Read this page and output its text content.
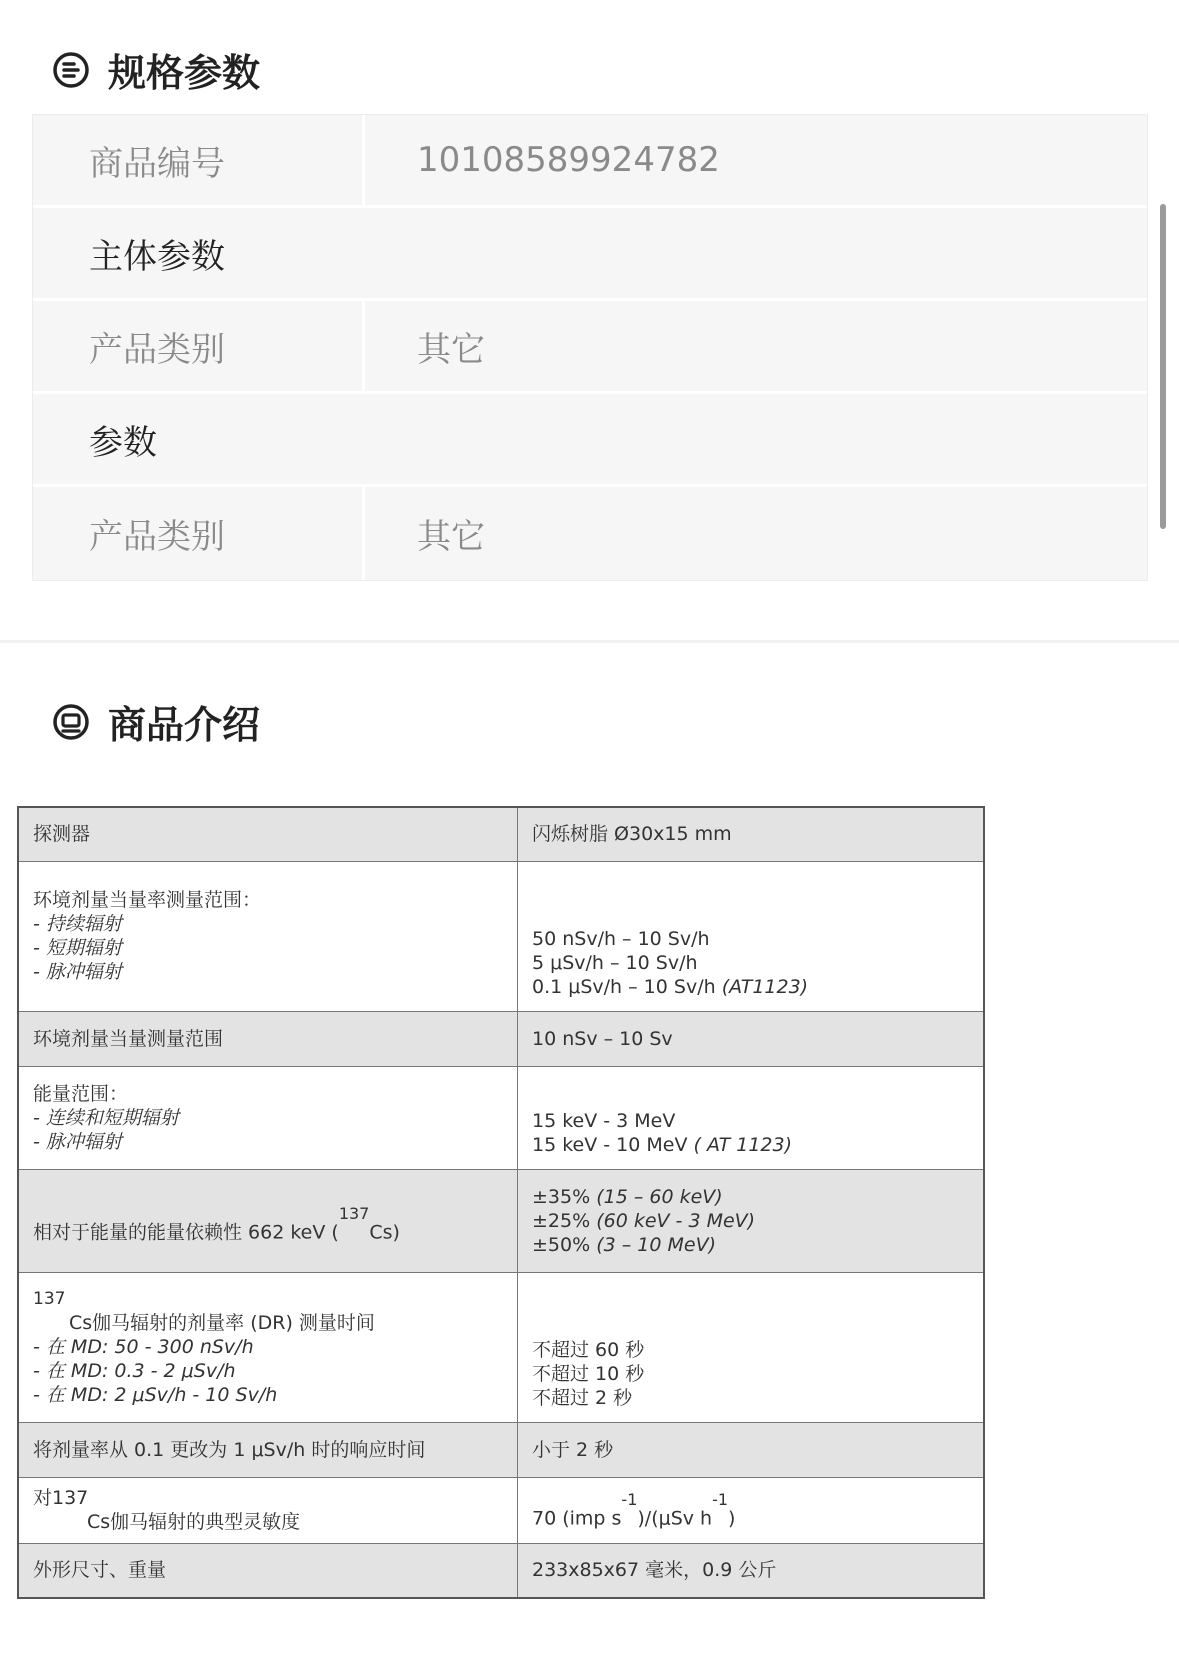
规格参数
商品编号	10108589924782
主体参数
产品类别	其它
参数
产品类别	其它
商品介绍
探测器	闪烁树脂 Ø30x15 mm

环境剂量当量率测量范围：
- 持续辐射
- 短期辐射
- 脉冲辐射	50 nSv/h – 10 Sv/h
5 μSv/h – 10 Sv/h
0.1 μSv/h – 10 Sv/h (AT1123)

环境剂量当量测量范围	10 nSv – 10 Sv

能量范围：
- 连续和短期辐射
- 脉冲辐射	15 keV - 3 MeV
15 keV - 10 MeV ( AT 1123)

相对于能量的能量依赖性 662 keV ($^{137}$Cs)	±35% (15 – 60 keV)
±25% (60 keV - 3 MeV)
±50% (3 – 10 MeV)

137
Cs伽马辐射的剂量率 (DR) 测量时间
- 在 MD: 50 - 300 nSv/h
- 在 MD: 0.3 - 2 μSv/h
- 在 MD: 2 μSv/h - 10 Sv/h	不超过 60 秒
不超过 10 秒
不超过 2 秒

将剂量率从 0.1 更改为 1 μSv/h 时的响应时间	小于 2 秒

对137
Cs伽马辐射的典型灵敏度	70 (imp $s^{-1})/(\mu Sv$ $h^{-1}$)
外形尺寸、重量	233x85x67 毫米，0.9 公斤
